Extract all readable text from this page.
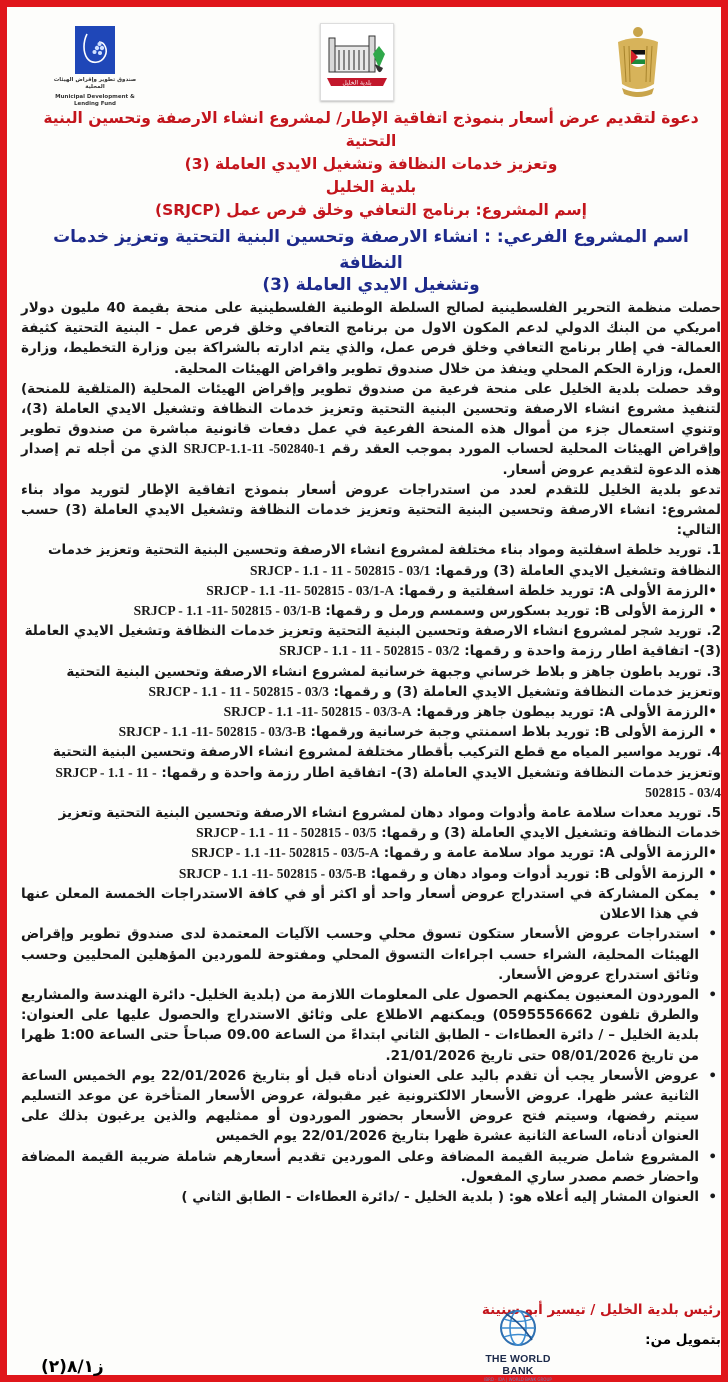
صندوق تطوير وإقراض الهيئات المحلية
Municipal Development & Lending Fund
بلدية الخليل
دعوة لتقديم عرض أسعار بنموذج اتفاقية الإطار/ لمشروع انشاء الارصفة وتحسين البنية التحتية
وتعزيز خدمات النظافة وتشغيل الايدي العاملة (3)
بلدية الخليل
إسم المشروع: برنامج التعافي وخلق فرص عمل (SRJCP)
اسم المشروع الفرعي: : انشاء الارصفة وتحسين البنية التحتية وتعزيز خدمات النظافة
وتشغيل الايدي العاملة (3)

حصلت منظمة التحرير الفلسطينية لصالح السلطة الوطنية الفلسطينية على منحة بقيمة 40 مليون دولار امريكي من البنك الدولي لدعم المكون الاول من برنامج التعافي وخلق فرص عمل - البنية التحتية كثيفة العمالة- في إطار برنامج التعافي وخلق فرص عمل، والذي يتم ادارته بالشراكة بين وزارة التخطيط، وزارة العمل، وزارة الحكم المحلي وينفذ من خلال صندوق تطوير واقراض الهيئات المحلية.

وقد حصلت بلدية الخليل على منحة فرعية من صندوق تطوير وإقراض الهيئات المحلية (المتلقية للمنحة) لتنفيذ مشروع انشاء الارصفة وتحسين البنية التحتية وتعزيز خدمات النظافة وتشغيل الايدي العاملة (3)، وتنوي استعمال جزء من أموال هذه المنحة الفرعية في عمل دفعات قانونية مباشرة من صندوق تطوير وإقراض الهيئات المحلية لحساب المورد بموجب العقد رقم SRJCP-1.1-11 -502840-1 الذي من أجله تم إصدار هذه الدعوة لتقديم عروض أسعار.

تدعو بلدية الخليل للتقدم لعدد من استدراجات عروض أسعار بنموذج اتفاقية الإطار لتوريد مواد بناء لمشروع: انشاء الارصفة وتحسين البنية التحتية وتعزيز خدمات النظافة وتشغيل الايدي العاملة (3) حسب التالي:

1. توريد خلطة اسفلتية ومواد بناء مختلفة لمشروع انشاء الارصفة وتحسين البنية التحتية وتعزيز خدمات النظافة وتشغيل الايدي العاملة (3) ورقمها: SRJCP - 1.1 - 11 - 502815 - 03/1

•الرزمة الأولى A: توريد خلطة اسفلتية و رقمها: SRJCP - 1.1 -11- 502815 - 03/1-A

• الرزمة الأولى B: توريد بسكورس وسمسم ورمل و رقمها: SRJCP - 1.1 -11- 502815 - 03/1-B

2. توريد شجر لمشروع انشاء الارصفة وتحسين البنية التحتية وتعزيز خدمات النظافة وتشغيل الايدي العاملة (3)- اتفاقية اطار رزمة واحدة و رقمها: SRJCP - 1.1 - 11 - 502815 - 03/2

3. توريد باطون جاهز و بلاط خرساني وجبهة خرسانية لمشروع انشاء الارصفة وتحسين البنية التحتية وتعزيز خدمات النظافة وتشغيل الايدي العاملة (3) و رقمها: SRJCP - 1.1 - 11 - 502815 - 03/3

•الرزمة الأولى A: توريد بيطون جاهز ورقمها: SRJCP - 1.1 -11- 502815 - 03/3-A

• الرزمة الأولى B: توريد بلاط اسمنتي وجبة خرسانية ورقمها: SRJCP - 1.1 -11- 502815 - 03/3-B

4. توريد مواسير المياه مع قطع التركيب بأقطار مختلفة لمشروع انشاء الارصفة وتحسين البنية التحتية وتعزيز خدمات النظافة وتشغيل الايدي العاملة (3)- اتفاقية اطار رزمة واحدة و رقمها: SRJCP - 1.1 - 11 - 502815 - 03/4

5. توريد معدات سلامة عامة وأدوات ومواد دهان لمشروع انشاء الارصفة وتحسين البنية التحتية وتعزيز خدمات النظافة وتشغيل الايدي العاملة (3) و رقمها: SRJCP - 1.1 - 11 - 502815 - 03/5

•الرزمة الأولى A: توريد مواد سلامة عامة و رقمها: SRJCP - 1.1 -11- 502815 - 03/5-A

• الرزمة الأولى B: توريد أدوات ومواد دهان و رقمها: SRJCP - 1.1 -11- 502815 - 03/5-B

•
يمكن المشاركة في استدراج عروض أسعار واحد أو اكثر أو في كافة الاستدراجات الخمسة المعلن عنها في هذا الاعلان

•
استدراجات عروض الأسعار ستكون تسوق محلي وحسب الآليات المعتمدة لدى صندوق تطوير وإقراض الهيئات المحلية، الشراء حسب اجراءات التسوق المحلي ومفتوحة للموردين المؤهلين المحليين وحسب وثائق استدراج عروض الأسعار.

•
الموردون المعنيون يمكنهم الحصول على المعلومات اللازمة من (بلدية الخليل- دائرة الهندسة والمشاريع والطرق تلفون 0595556662) ويمكنهم الاطلاع على وثائق الاستدراج والحصول عليها على العنوان: بلدية الخليل – / دائرة العطاءات - الطابق الثاني ابتداءً من الساعة 09.00 صباحاً حتى الساعة 1:00 ظهرا من تاريخ 08/01/2026 حتى تاريخ 21/01/2026.

•
عروض الأسعار يجب أن تقدم باليد على العنوان أدناه قبل أو بتاريخ 22/01/2026 يوم الخميس الساعة الثانية عشر ظهرا. عروض الأسعار الالكترونية غير مقبولة، عروض الأسعار المتأخرة عن موعد التسليم سيتم رفضها، وسيتم فتح عروض الأسعار بحضور الموردون أو ممثليهم والذين يرغبون بذلك على العنوان أدناه، الساعة الثانية عشرة ظهرا بتاريخ 22/01/2026 يوم الخميس

•
المشروع شامل ضريبة القيمة المضافة وعلى الموردين تقديم أسعارهم شاملة ضريبة القيمة المضافة واحضار خصم مصدر ساري المفعول.

•
العنوان المشار إليه أعلاه هو: ( بلدية الخليل - /دائرة العطاءات - الطابق الثاني )

رئيس بلدية الخليل / تيسير أبو سنينة
بتمويل من:
THE WORLD BANK
IBRD · IDA | WORLD BANK GROUP
ز٨/١(٢)
